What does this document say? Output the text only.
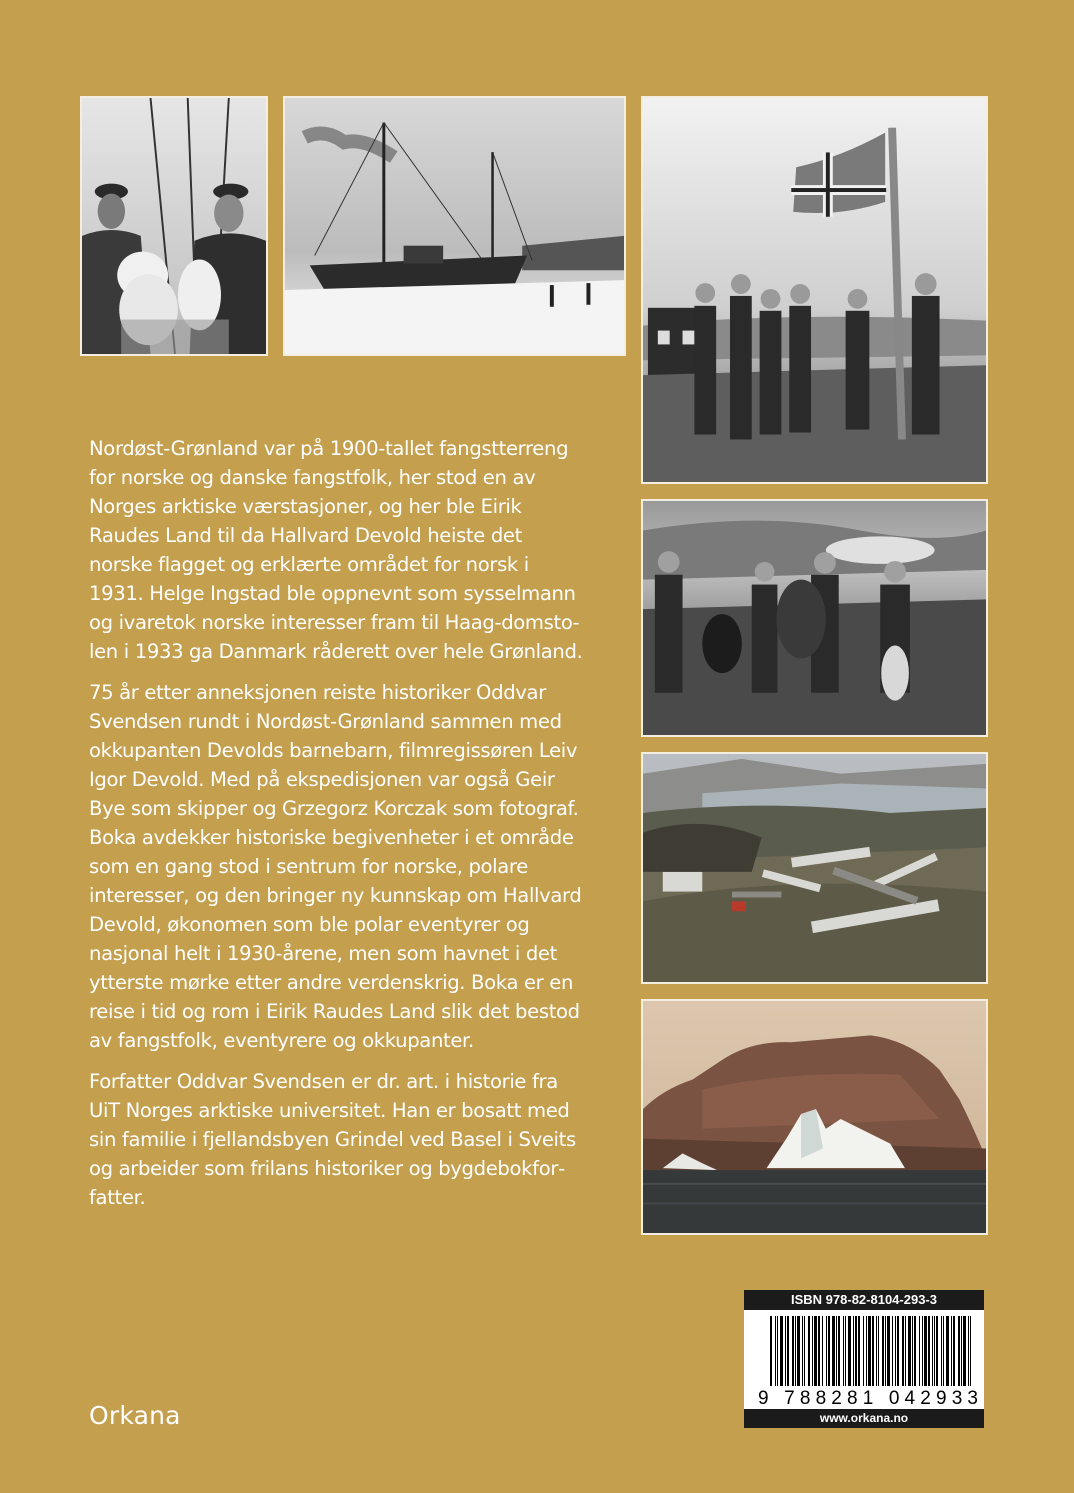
Nordøst-Grønland var på 1900-tallet fangstterreng for norske og danske fangstfolk, her stod en av Norges arktiske værstasjoner, og her ble Eirik Raudes Land til da Hallvard Devold heiste det norske flagget og erklærte området for norsk i 1931. Helge Ingstad ble oppnevnt som sysselmann og ivaretok norske interesser fram til Haag-domstolen i 1933 ga Danmark råderett over hele Grønland.

75 år etter anneksjonen reiste historiker Oddvar Svendsen rundt i Nordøst-Grønland sammen med okkupanten Devolds barnebarn, filmregissøren Leiv Igor Devold. Med på ekspedisjonen var også Geir Bye som skipper og Grzegorz Korczak som fotograf. Boka avdekker historiske begivenheter i et område som en gang stod i sentrum for norske, polare interesser, og den bringer ny kunnskap om Hallvard Devold, økonomen som ble polar eventyrer og nasjonal helt i 1930-årene, men som havnet i det ytterste mørke etter andre verdenskrig. Boka er en reise i tid og rom i Eirik Raudes Land slik det bestod av fangstfolk, eventyrere og okkupanter.

Forfatter Oddvar Svendsen er dr. art. i historie fra UiT Norges arktiske universitet. Han er bosatt med sin familie i fjellandsbyen Grindel ved Basel i Sveits og arbeider som frilans historiker og bygdebokforfatter.

Orkana
ISBN 978-82-8104-293-3
9 788281 042933
www.orkana.no
